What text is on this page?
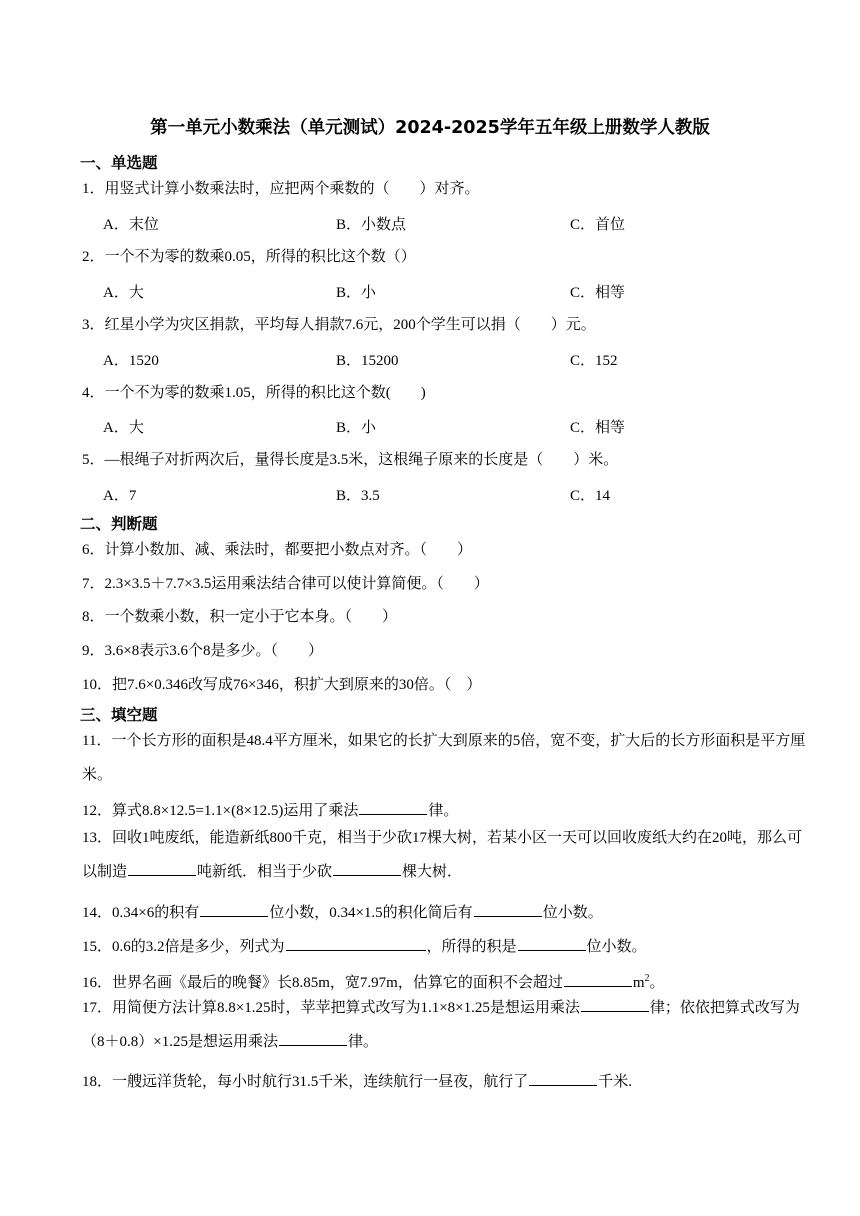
第一单元小数乘法（单元测试）2024-2025学年五年级上册数学人教版
一、单选题
1．用竖式计算小数乘法时，应把两个乘数的（　　）对齐。
A．末位	B．小数点	C．首位
2．一个不为零的数乘0.05，所得的积比这个数（）
A．大	B．小	C．相等
3．红星小学为灾区捐款，平均每人捐款7.6元，200个学生可以捐（　　）元。
A．1520	B．15200	C．152
4．一个不为零的数乘1.05，所得的积比这个数(　　)
A．大	B．小	C．相等
5．—根绳子对折两次后，量得长度是3.5米，这根绳子原来的长度是（　　）米。
A．7	B．3.5	C．14
二、判断题
6．计算小数加、减、乘法时，都要把小数点对齐。（　　）
7．2.3×3.5＋7.7×3.5运用乘法结合律可以使计算简便。（　　）
8．一个数乘小数，积一定小于它本身。（　　）
9．3.6×8表示3.6个8是多少。（　　）
10．把7.6×0.346改写成76×346，积扩大到原来的30倍。（　）
三、填空题
11．一个长方形的面积是48.4平方厘米，如果它的长扩大到原来的5倍，宽不变，扩大后的长方形面积是平方厘米。
12．算式8.8×12.5=1.1×(8×12.5)运用了乘法	律。
13．回收1吨废纸，能造新纸800千克，相当于少砍17棵大树，若某小区一天可以回收废纸大约在20吨，那么可以制造	吨新纸．相当于少砍	棵大树．
14．0.34×6的积有	位小数，0.34×1.5的积化简后有	位小数。
15．0.6的3.2倍是多少，列式为	，所得的积是	位小数。
16．世界名画《最后的晚餐》长8.85m，宽7.97m，估算它的面积不会超过	$m^2$。
17．用简便方法计算8.8×1.25时，苹苹把算式改写为1.1×8×1.25是想运用乘法	律；依依把算式改写为（8＋0.8）×1.25是想运用乘法	律。
18．一艘远洋货轮，每小时航行31.5千米，连续航行一昼夜，航行了	千米.
